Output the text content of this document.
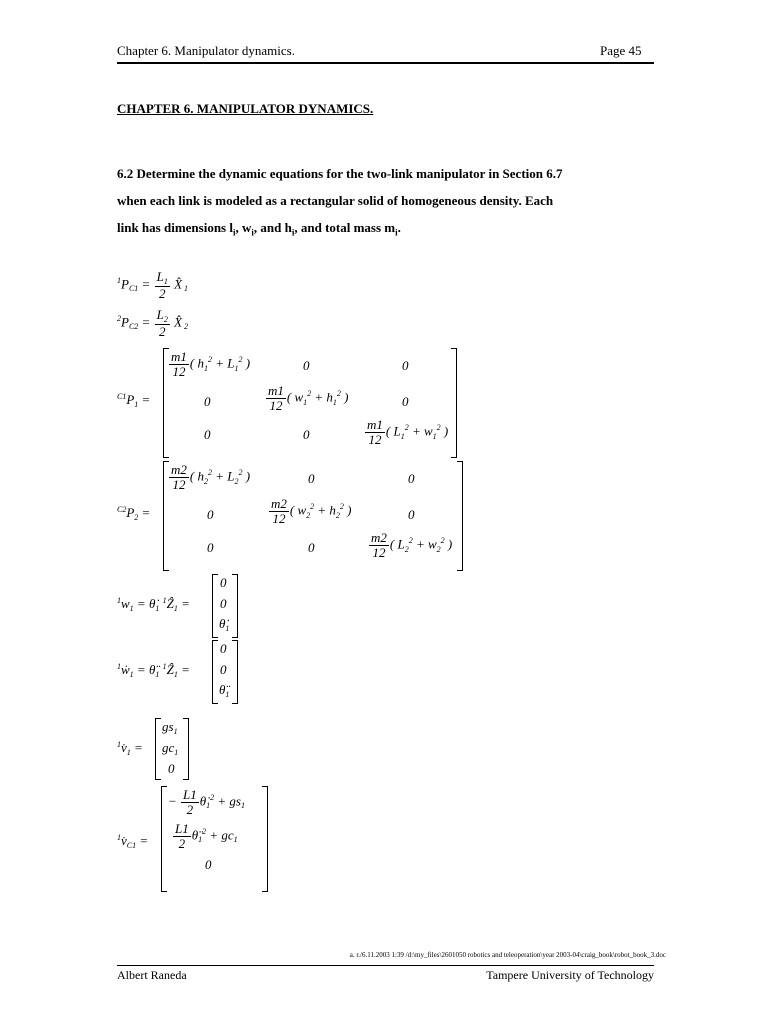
Chapter 6. Manipulator dynamics.	Page 45
CHAPTER 6. MANIPULATOR DYNAMICS.
6.2 Determine the dynamic equations for the two-link manipulator in Section 6.7
when each link is modeled as a rectangular solid of homogeneous density. Each
link has dimensions $l_i$, $w_i$, and $h_i$, and total mass $m_i$.
$^1P_{C1} = \frac{L_1}{2}$ X̂ $_1$
$^2P_{C2} = \frac{L_2}{2}$ X̂ $_2$
$^{C1}P_1$ =
$\frac{m1}{12}$ ( $h_1^2 + L_1^2$ )	0	0
0	$\frac{m1}{12}$ ( $w_1^2 + h_1^2$ )	0
0	0	$\frac{m1}{12}$ ( $L_1^2 + w_1^2$ )
$^{C2}P_2$ =
$\frac{m2}{12}$ ( $h_2^2 + L_2^2$ )	0	0
0	$\frac{m2}{12}$ ( $w_2^2 + h_2^2$ )	0
0	0	$\frac{m2}{12}$ ( $L_2^2 + w_2^2$ )
$^1w_1$ = $\thetȧ_1$ $^1Ẑ_1$ =
0
0
$\thetȧ_1$
$^1ẇ_1$ = $\thetä_1$ $^1Ẑ_1$ =
0
0
$\thetä_1$
$^1v̇_1$ =
$gs_1$
$gc_1$
0
$^1v̇_{C1}$ =
− $\frac{L1}{2}$ $\thetȧ_1^2 + gs_1$
$\frac{L1}{2}$ $\thetä_1^2 + gc_1$
0
a. r./6.11.2003 1:39 /d:\my_files\2601050 robotics and teleoperation\year 2003-04\craig_book\robot_book_3.doc
Albert Raneda	Tampere University of Technology
